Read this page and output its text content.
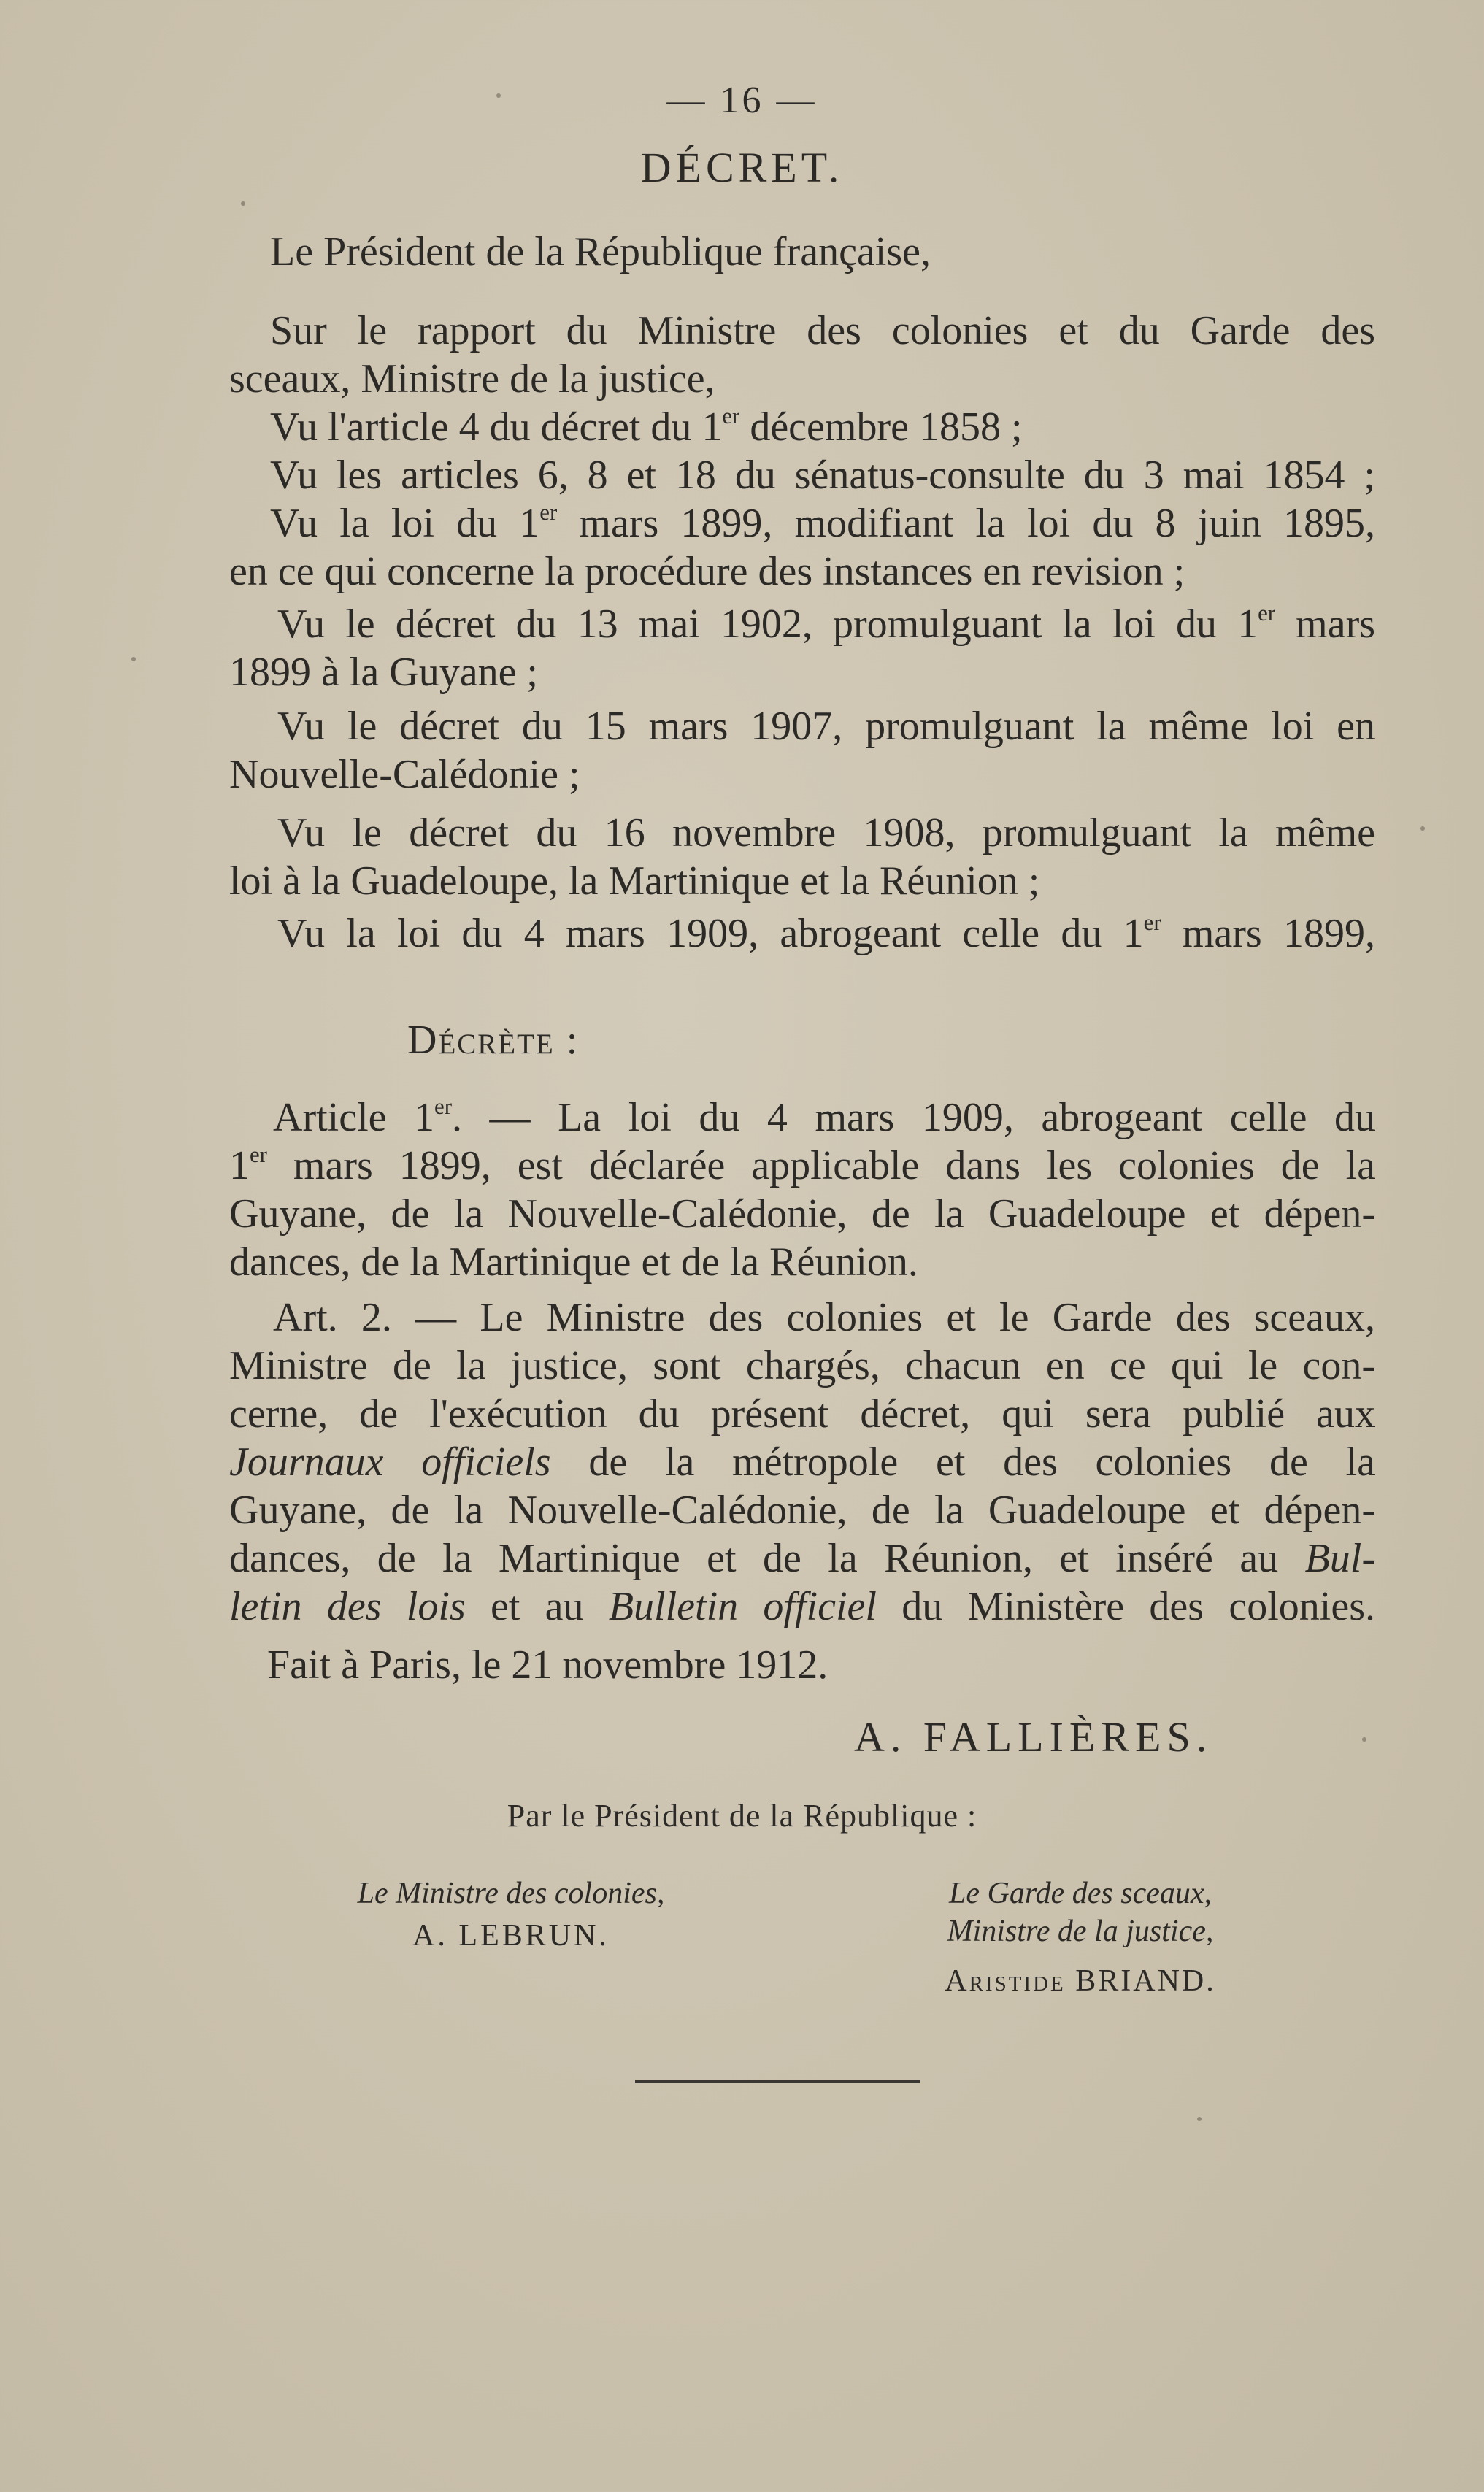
— 16 —
DÉCRET.
Le Président de la République française,
Sur le rapport du Ministre des colonies et du Garde des
sceaux, Ministre de la justice,
Vu l'article 4 du décret du 1er décembre 1858 ;
Vu les articles 6, 8 et 18 du sénatus-consulte du 3 mai 1854 ;
Vu la loi du 1er mars 1899, modifiant la loi du 8 juin 1895,
en ce qui concerne la procédure des instances en revision ;
Vu le décret du 13 mai 1902, promulguant la loi du 1er mars
1899 à la Guyane ;
Vu le décret du 15 mars 1907, promulguant la même loi en
Nouvelle-Calédonie ;
Vu le décret du 16 novembre 1908, promulguant la même
loi à la Guadeloupe, la Martinique et la Réunion ;
Vu la loi du 4 mars 1909, abrogeant celle du 1er mars 1899,
Décrète :
Article 1er. — La loi du 4 mars 1909, abrogeant celle du
1er mars 1899, est déclarée applicable dans les colonies de la
Guyane, de la Nouvelle-Calédonie, de la Guadeloupe et dépen-
dances, de la Martinique et de la Réunion.
Art. 2. — Le Ministre des colonies et le Garde des sceaux,
Ministre de la justice, sont chargés, chacun en ce qui le con-
cerne, de l'exécution du présent décret, qui sera publié aux
Journaux officiels de la métropole et des colonies de la
Guyane, de la Nouvelle-Calédonie, de la Guadeloupe et dépen-
dances, de la Martinique et de la Réunion, et inséré au Bul-
letin des lois et au Bulletin officiel du Ministère des colonies.
Fait à Paris, le 21 novembre 1912.
A. FALLIÈRES.
Par le Président de la République :
Le Ministre des colonies,
A. LEBRUN.
Le Garde des sceaux,
Ministre de la justice,
Aristide BRIAND.
